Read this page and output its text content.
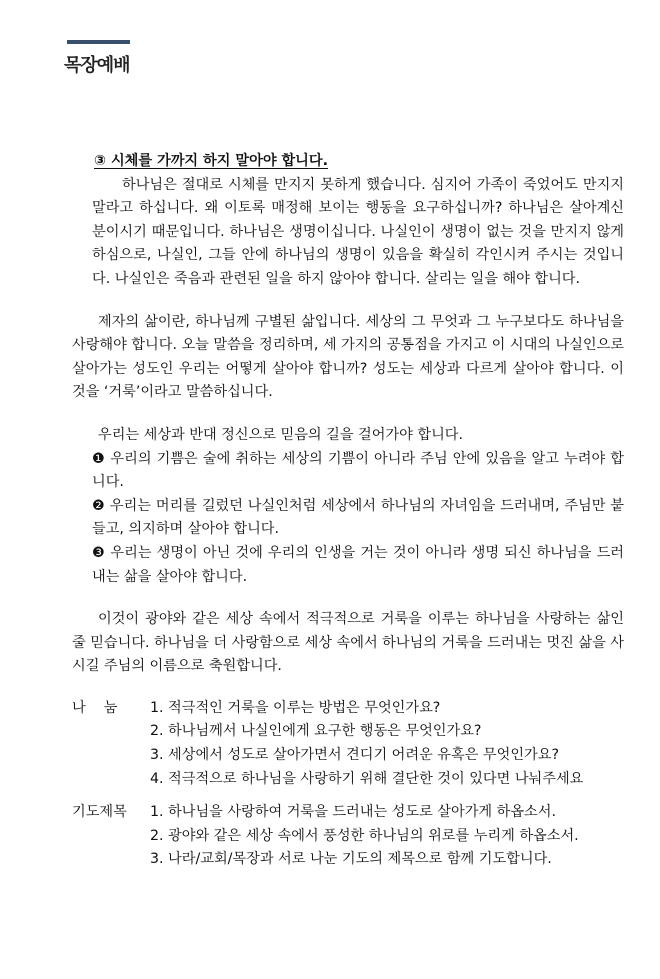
목장예배
③ 시체를 가까지 하지 말아야 합니다.
하나님은 절대로 시체를 만지지 못하게 했습니다. 심지어 가족이 죽었어도 만지지 말라고 하십니다. 왜 이토록 매정해 보이는 행동을 요구하십니까? 하나님은 살아계신 분이시기 때문입니다. 하나님은 생명이십니다. 나실인이 생명이 없는 것을 만지지 않게 하심으로, 나실인, 그들 안에 하나님의 생명이 있음을 확실히 각인시켜 주시는 것입니다. 나실인은 죽음과 관련된 일을 하지 않아야 합니다. 살리는 일을 해야 합니다.
제자의 삶이란, 하나님께 구별된 삶입니다. 세상의 그 무엇과 그 누구보다도 하나님을 사랑해야 합니다. 오늘 말씀을 정리하며, 세 가지의 공통점을 가지고 이 시대의 나실인으로 살아가는 성도인 우리는 어떻게 살아야 합니까? 성도는 세상과 다르게 살아야 합니다. 이것을 ‘거룩’이라고 말씀하십니다.
우리는 세상과 반대 정신으로 믿음의 길을 걸어가야 합니다.
❶ 우리의 기쁨은 술에 취하는 세상의 기쁨이 아니라 주님 안에 있음을 알고 누려야 합니다.
❷ 우리는 머리를 길렀던 나실인처럼 세상에서 하나님의 자녀임을 드러내며, 주님만 붙들고, 의지하며 살아야 합니다.
❸ 우리는 생명이 아닌 것에 우리의 인생을 거는 것이 아니라 생명 되신 하나님을 드러내는 삶을 살아야 합니다.
이것이 광야와 같은 세상 속에서 적극적으로 거룩을 이루는 하나님을 사랑하는 삶인 줄 믿습니다. 하나님을 더 사랑함으로 세상 속에서 하나님의 거룩을 드러내는 멋진 삶을 사시길 주님의 이름으로 축원합니다.
나    눔	1. 적극적인 거룩을 이루는 방법은 무엇인가요?
2. 하나님께서 나실인에게 요구한 행동은 무엇인가요?
3. 세상에서 성도로 살아가면서 견디기 어려운 유혹은 무엇인가요?
4. 적극적으로 하나님을 사랑하기 위해 결단한 것이 있다면 나눠주세요
기도제목	1. 하나님을 사랑하여 거룩을 드러내는 성도로 살아가게 하옵소서.
2. 광야와 같은 세상 속에서 풍성한 하나님의 위로를 누리게 하옵소서.
3. 나라/교회/목장과 서로 나눈 기도의 제목으로 함께 기도합니다.
